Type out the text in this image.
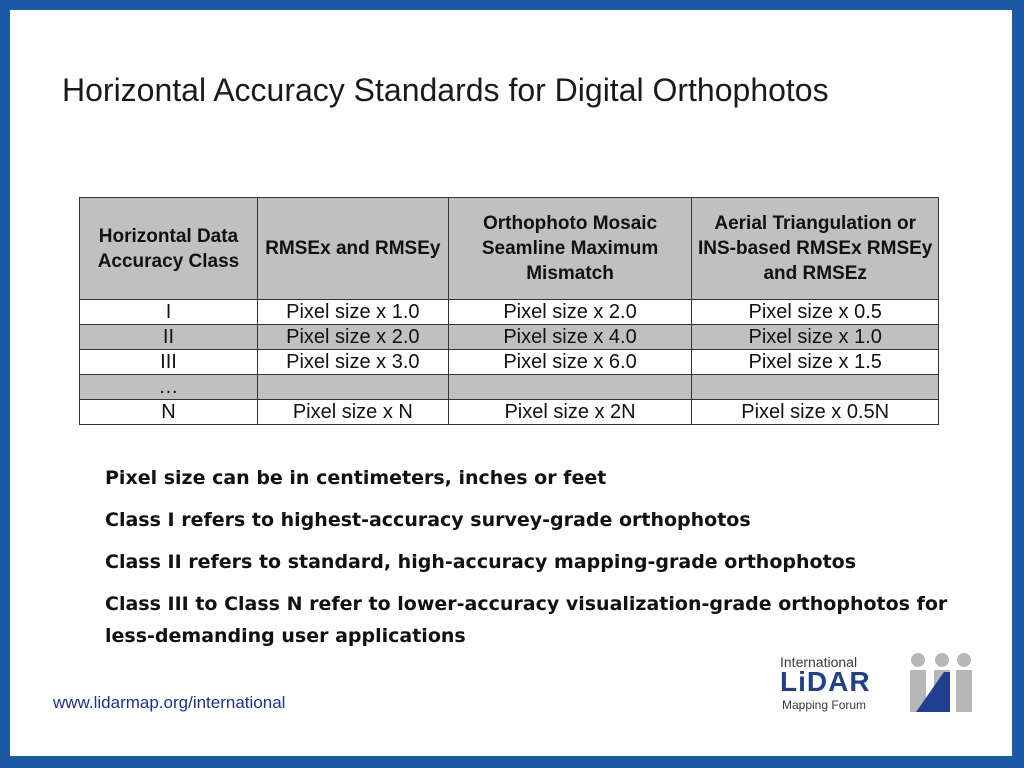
Horizontal Accuracy Standards for Digital Orthophotos
Horizontal Data Accuracy Class	RMSEx and RMSEy	Orthophoto Mosaic Seamline Maximum Mismatch	Aerial Triangulation or INS-based RMSEx RMSEy and RMSEz
I	Pixel size x 1.0	Pixel size x 2.0	Pixel size x 0.5
II	Pixel size x 2.0	Pixel size x 4.0	Pixel size x 1.0
III	Pixel size x 3.0	Pixel size x 6.0	Pixel size x 1.5
…			
N	Pixel size x N	Pixel size x 2N	Pixel size x 0.5N
Pixel size can be in centimeters, inches or feet
Class I refers to highest-accuracy survey-grade orthophotos
Class II refers to standard, high-accuracy mapping-grade orthophotos
Class III to Class N refer to lower-accuracy visualization-grade orthophotos for less-demanding user applications
www.lidarmap.org/international
International
LiDAR
Mapping Forum
